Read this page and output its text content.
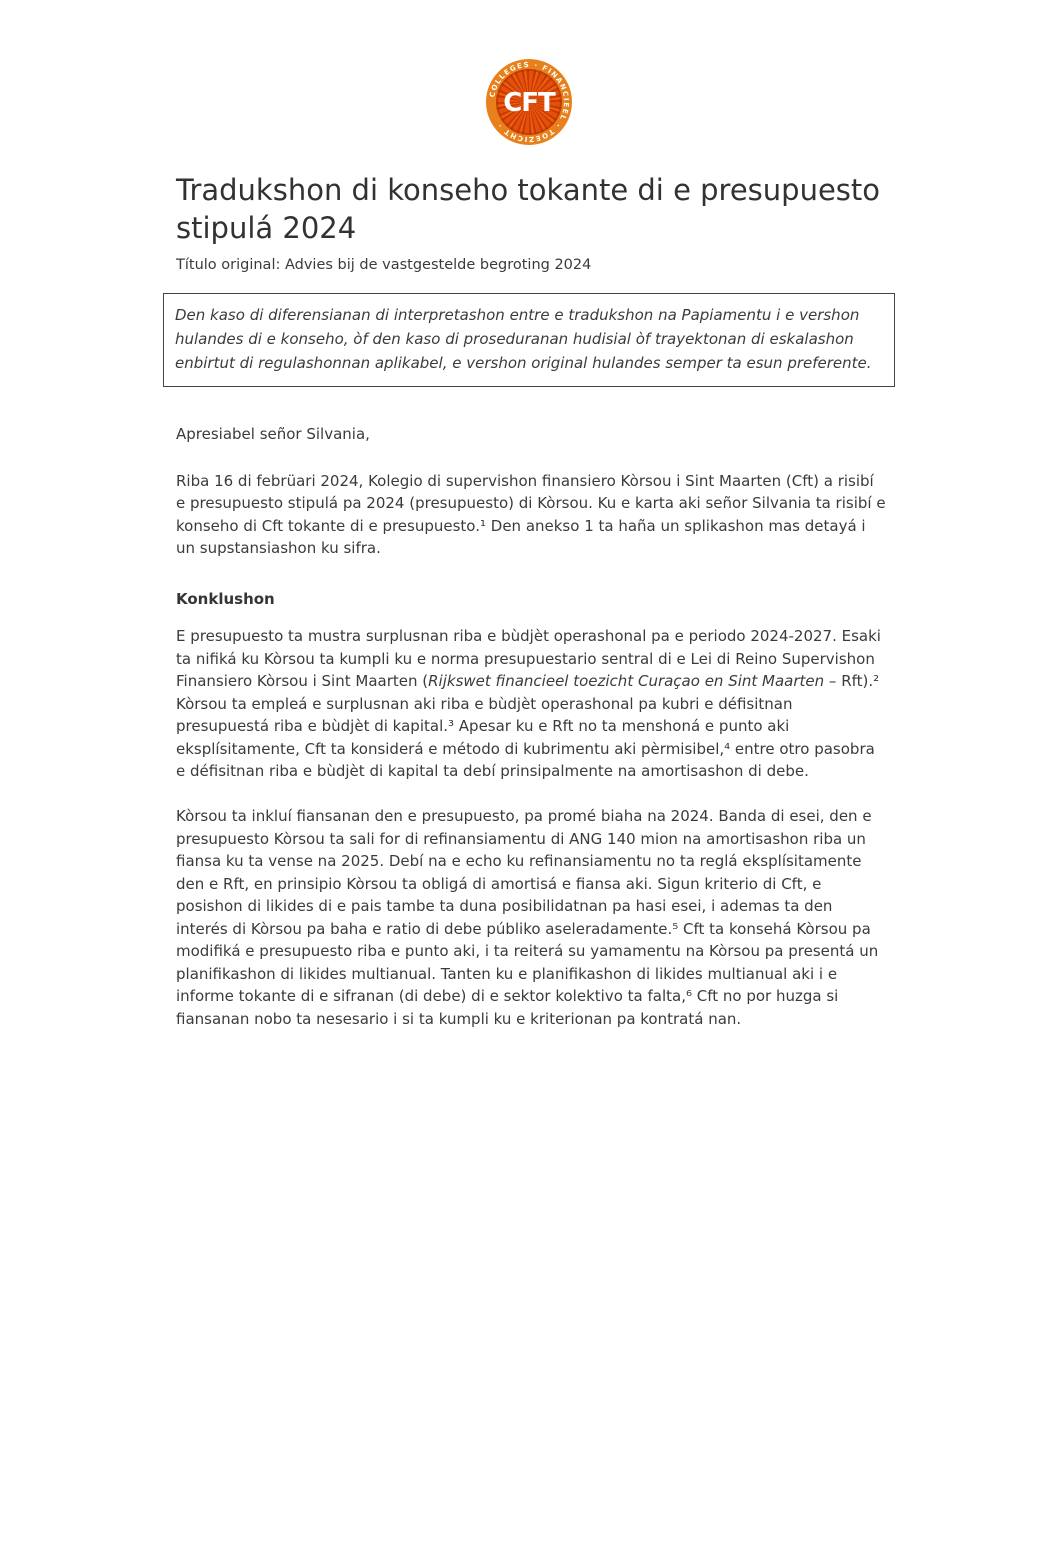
COLLEGES · FINANCIEEL · TOEZICHT ·
CFT
Tradukshon di konseho tokante di e presupuesto stipulá 2024
Título original: Advies bij de vastgestelde begroting 2024
Den kaso di diferensianan di interpretashon entre e tradukshon na Papiamentu i e vershon hulandes di e konseho, òf den kaso di proseduranan hudisial òf trayektonan di eskalashon enbirtut di regulashonnan aplikabel, e vershon original hulandes semper ta esun preferente.

Apresiabel señor Silvania,

Riba 16 di febrüari 2024, Kolegio di supervishon finansiero Kòrsou i Sint Maarten (Cft) a risibí e presupuesto stipulá pa 2024 (presupuesto) di Kòrsou. Ku e karta aki señor Silvania ta risibí e konseho di Cft tokante di e presupuesto.¹ Den anekso 1 ta haña un splikashon mas detayá i un supstansiashon ku sifra.

Konklushon

E presupuesto ta mustra surplusnan riba e bùdjèt operashonal pa e periodo 2024-2027. Esaki ta nifiká ku Kòrsou ta kumpli ku e norma presupuestario sentral di e Lei di Reino Supervishon Finansiero Kòrsou i Sint Maarten (Rijkswet financieel toezicht Curaçao en Sint Maarten – Rft).² Kòrsou ta empleá e surplusnan aki riba e bùdjèt operashonal pa kubri e défisitnan presupuestá riba e bùdjèt di kapital.³ Apesar ku e Rft no ta menshoná e punto aki eksplísitamente, Cft ta konsiderá e método di kubrimentu aki pèrmisibel,⁴ entre otro pasobra e défisitnan riba e bùdjèt di kapital ta debí prinsipalmente na amortisashon di debe.

Kòrsou ta inkluí fiansanan den e presupuesto, pa promé biaha na 2024. Banda di esei, den e presupuesto Kòrsou ta sali for di refinansiamentu di ANG 140 mion na amortisashon riba un fiansa ku ta vense na 2025. Debí na e echo ku refinansiamentu no ta reglá eksplísitamente den e Rft, en prinsipio Kòrsou ta obligá di amortisá e fiansa aki. Sigun kriterio di Cft, e posishon di likides di e pais tambe ta duna posibilidatnan pa hasi esei, i ademas ta den interés di Kòrsou pa baha e ratio di debe públiko aseleradamente.⁵ Cft ta konsehá Kòrsou pa modifiká e presupuesto riba e punto aki, i ta reiterá su yamamentu na Kòrsou pa presentá un planifikashon di likides multianual. Tanten ku e planifikashon di likides multianual aki i e informe tokante di e sifranan (di debe) di e sektor kolektivo ta falta,⁶ Cft no por huzga si fiansanan nobo ta nesesario i si ta kumpli ku e kriterionan pa kontratá nan.
